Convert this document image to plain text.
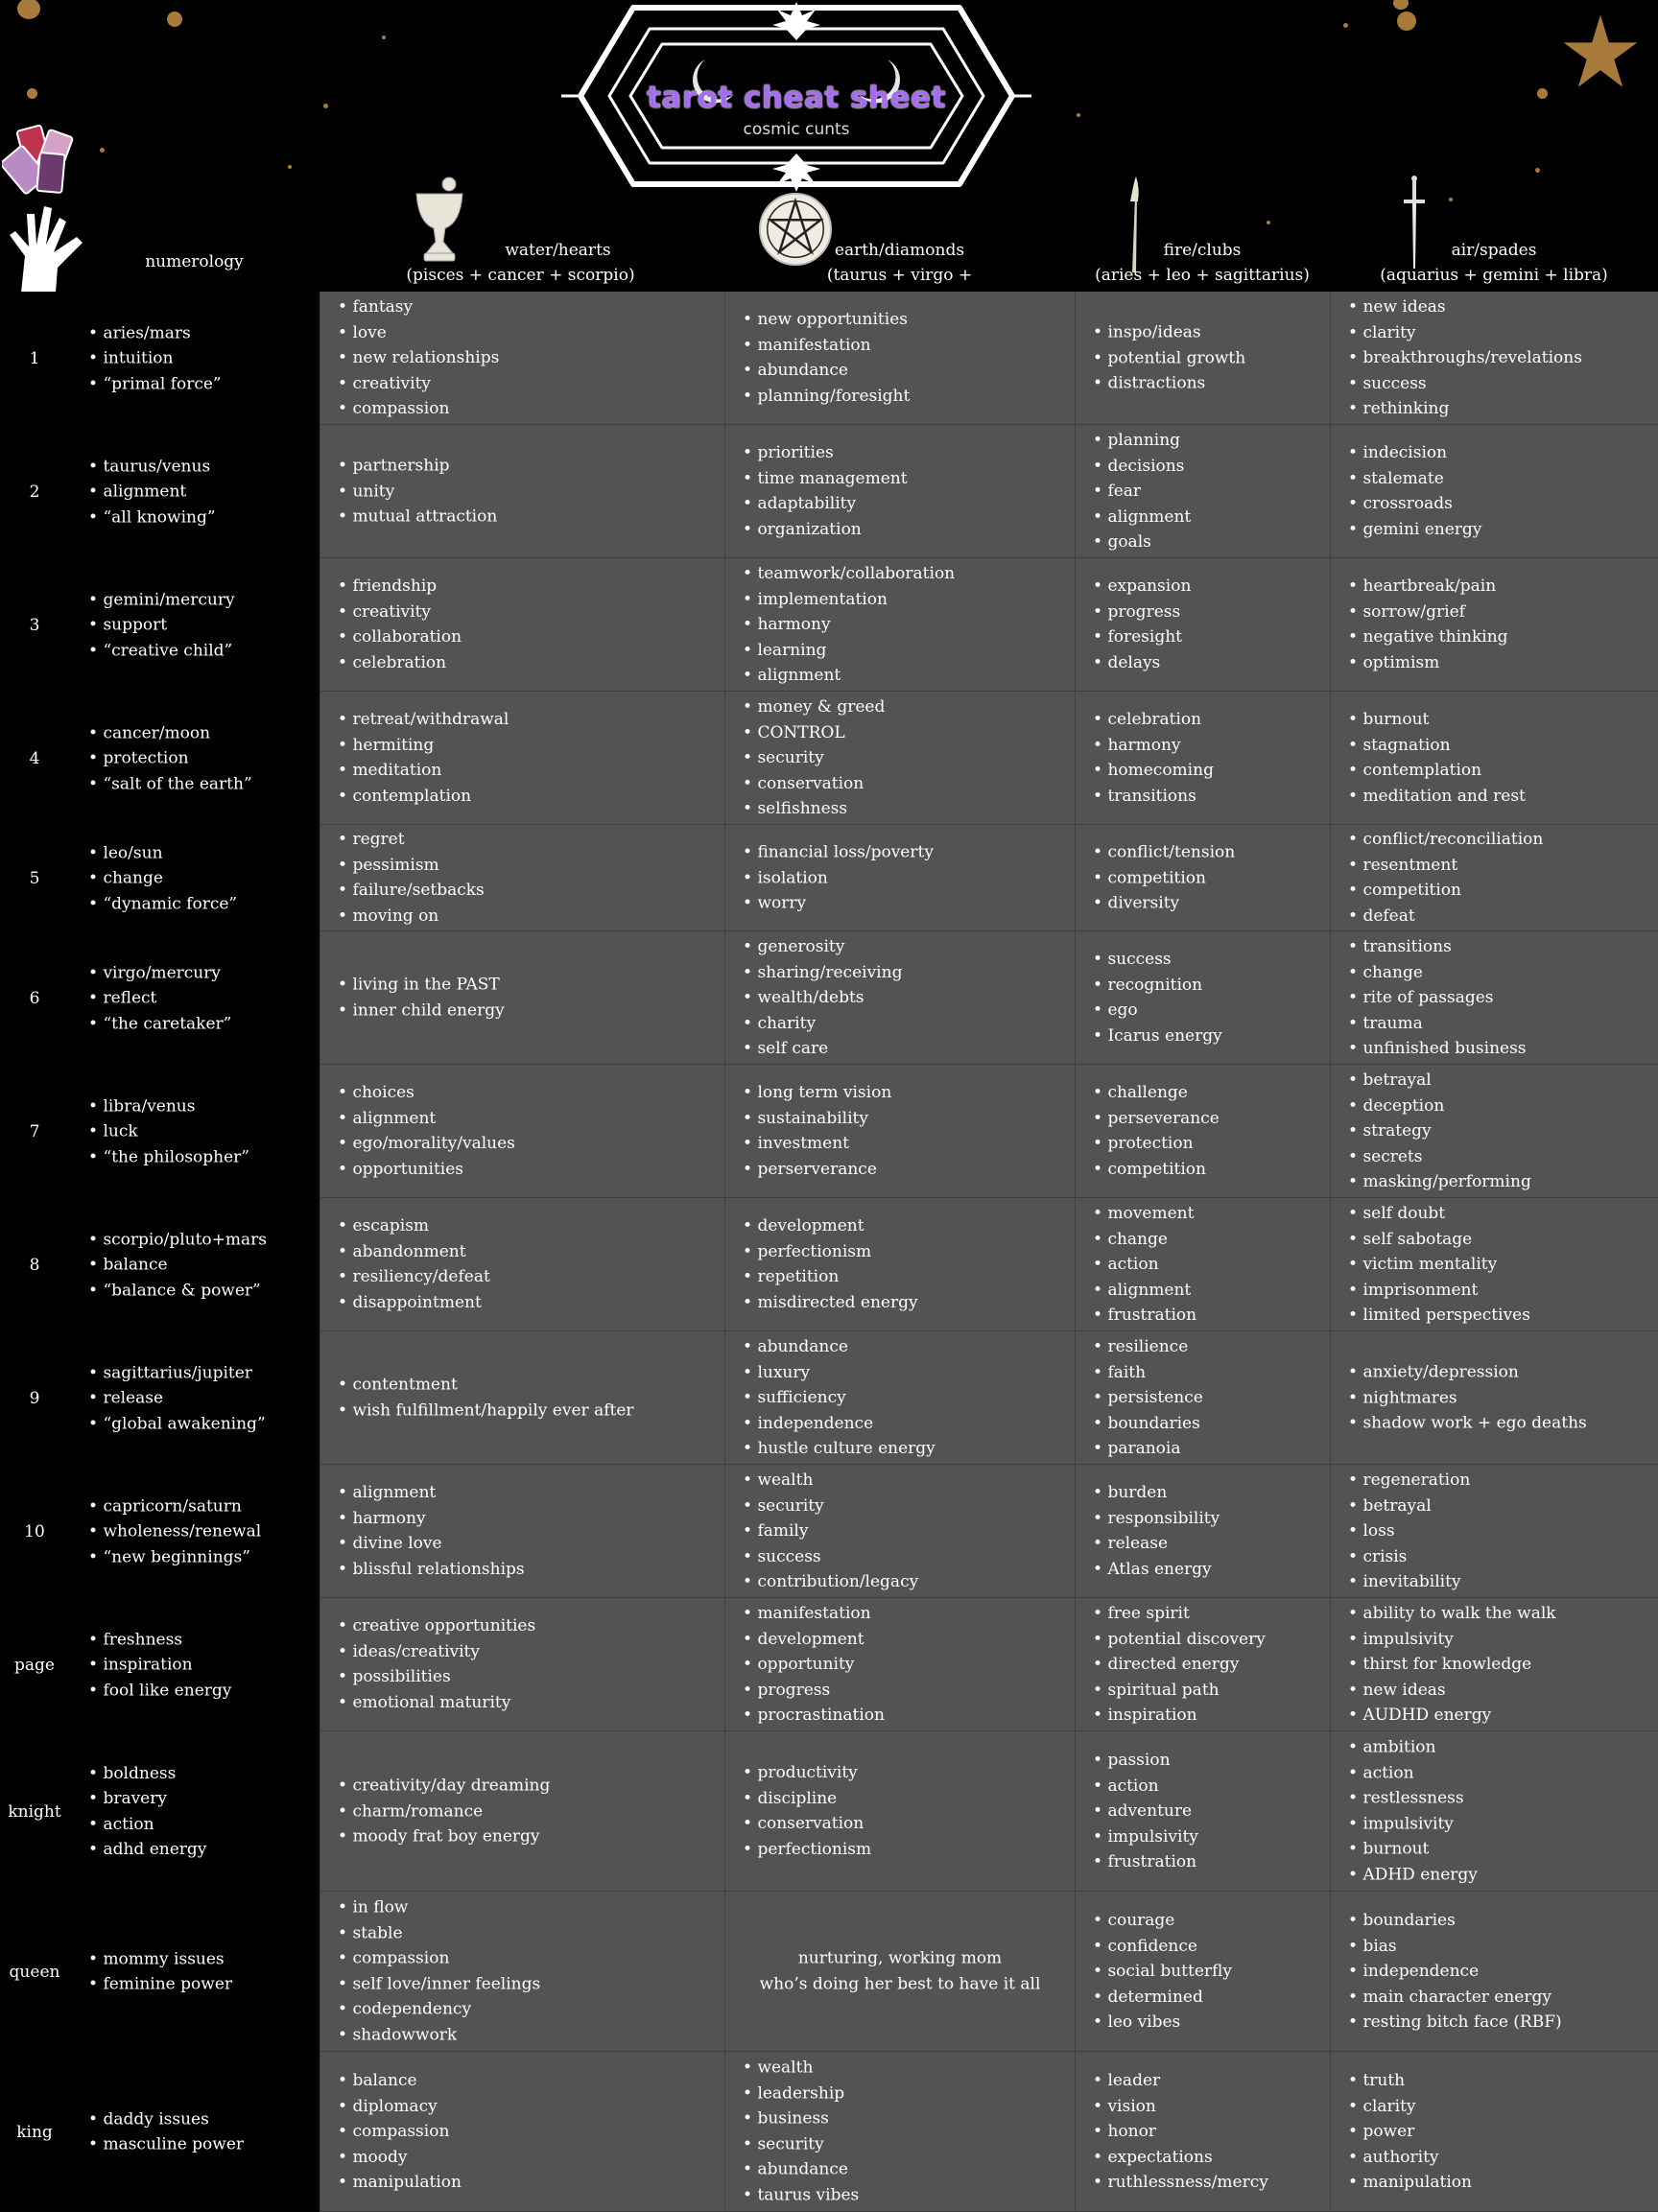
tarot cheat sheet
cosmic cunts
numerology
water/hearts
(pisces + cancer + scorpio)
earth/diamonds
(taurus + virgo +
fire/clubs
(aries + leo + sagittarius)
air/spades
(aquarius + gemini + libra)
1
• aries/mars
• intuition
• “primal force”
• fantasy
• love
• new relationships
• creativity
• compassion
• new opportunities
• manifestation
• abundance
• planning/foresight
• inspo/ideas
• potential growth
• distractions
• new ideas
• clarity
• breakthroughs/revelations
• success
• rethinking
2
• taurus/venus
• alignment
• “all knowing”
• partnership
• unity
• mutual attraction
• priorities
• time management
• adaptability
• organization
• planning
• decisions
• fear
• alignment
• goals
• indecision
• stalemate
• crossroads
• gemini energy
3
• gemini/mercury
• support
• “creative child”
• friendship
• creativity
• collaboration
• celebration
• teamwork/collaboration
• implementation
• harmony
• learning
• alignment
• expansion
• progress
• foresight
• delays
• heartbreak/pain
• sorrow/grief
• negative thinking
• optimism
4
• cancer/moon
• protection
• “salt of the earth”
• retreat/withdrawal
• hermiting
• meditation
• contemplation
• money & greed
• CONTROL
• security
• conservation
• selfishness
• celebration
• harmony
• homecoming
• transitions
• burnout
• stagnation
• contemplation
• meditation and rest
5
• leo/sun
• change
• “dynamic force”
• regret
• pessimism
• failure/setbacks
• moving on
• financial loss/poverty
• isolation
• worry
• conflict/tension
• competition
• diversity
• conflict/reconciliation
• resentment
• competition
• defeat
6
• virgo/mercury
• reflect
• “the caretaker”
• living in the PAST
• inner child energy
• generosity
• sharing/receiving
• wealth/debts
• charity
• self care
• success
• recognition
• ego
• Icarus energy
• transitions
• change
• rite of passages
• trauma
• unfinished business
7
• libra/venus
• luck
• “the philosopher”
• choices
• alignment
• ego/morality/values
• opportunities
• long term vision
• sustainability
• investment
• perserverance
• challenge
• perseverance
• protection
• competition
• betrayal
• deception
• strategy
• secrets
• masking/performing
8
• scorpio/pluto+mars
• balance
• “balance & power”
• escapism
• abandonment
• resiliency/defeat
• disappointment
• development
• perfectionism
• repetition
• misdirected energy
• movement
• change
• action
• alignment
• frustration
• self doubt
• self sabotage
• victim mentality
• imprisonment
• limited perspectives
9
• sagittarius/jupiter
• release
• “global awakening”
• contentment
• wish fulfillment/happily ever after
• abundance
• luxury
• sufficiency
• independence
• hustle culture energy
• resilience
• faith
• persistence
• boundaries
• paranoia
• anxiety/depression
• nightmares
• shadow work + ego deaths
10
• capricorn/saturn
• wholeness/renewal
• “new beginnings”
• alignment
• harmony
• divine love
• blissful relationships
• wealth
• security
• family
• success
• contribution/legacy
• burden
• responsibility
• release
• Atlas energy
• regeneration
• betrayal
• loss
• crisis
• inevitability
page
• freshness
• inspiration
• fool like energy
• creative opportunities
• ideas/creativity
• possibilities
• emotional maturity
• manifestation
• development
• opportunity
• progress
• procrastination
• free spirit
• potential discovery
• directed energy
• spiritual path
• inspiration
• ability to walk the walk
• impulsivity
• thirst for knowledge
• new ideas
• AUDHD energy
knight
• boldness
• bravery
• action
• adhd energy
• creativity/day dreaming
• charm/romance
• moody frat boy energy
• productivity
• discipline
• conservation
• perfectionism
• passion
• action
• adventure
• impulsivity
• frustration
• ambition
• action
• restlessness
• impulsivity
• burnout
• ADHD energy
queen
• mommy issues
• feminine power
• in flow
• stable
• compassion
• self love/inner feelings
• codependency
• shadowwork
nurturing, working mom
who’s doing her best to have it all
• courage
• confidence
• social butterfly
• determined
• leo vibes
• boundaries
• bias
• independence
• main character energy
• resting bitch face (RBF)
king
• daddy issues
• masculine power
• balance
• diplomacy
• compassion
• moody
• manipulation
• wealth
• leadership
• business
• security
• abundance
• taurus vibes
• leader
• vision
• honor
• expectations
• ruthlessness/mercy
• truth
• clarity
• power
• authority
• manipulation
